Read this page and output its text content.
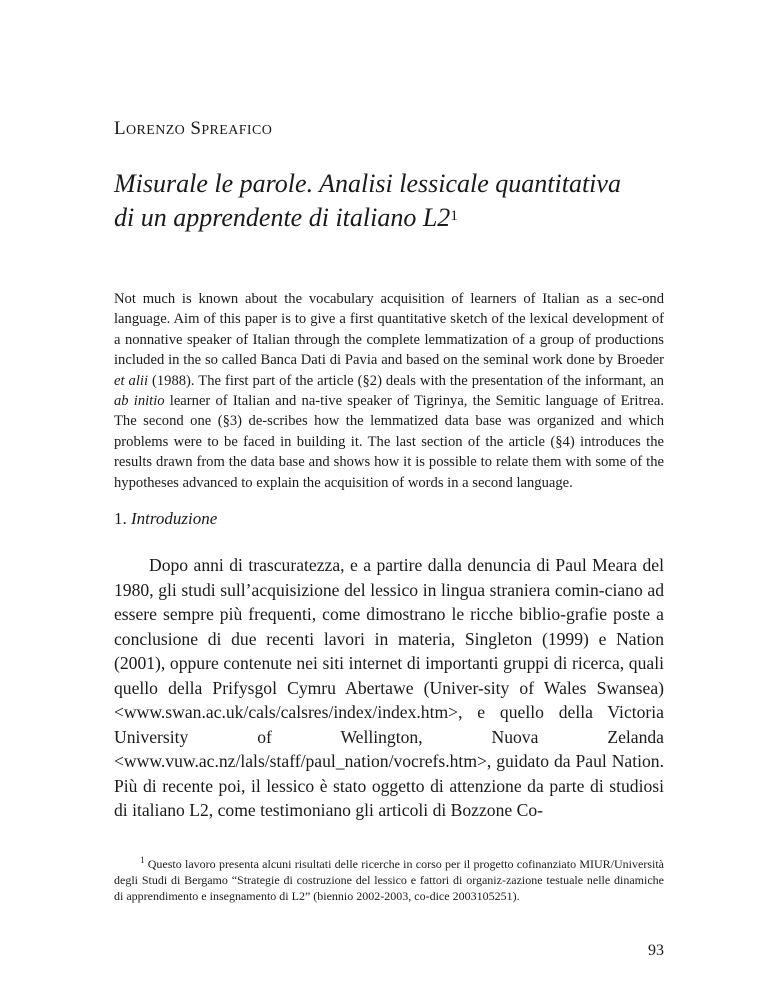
LORENZO SPREAFICO
Misurale le parole. Analisi lessicale quantitativa
di un apprendente di italiano $L2^1$
Not much is known about the vocabulary acquisition of learners of Italian as a sec-ond language. Aim of this paper is to give a first quantitative sketch of the lexical development of a nonnative speaker of Italian through the complete lemmatization of a group of productions included in the so called Banca Dati di Pavia and based on the seminal work done by Broeder et alii (1988). The first part of the article (§2) deals with the presentation of the informant, an ab initio learner of Italian and na-tive speaker of Tigrinya, the Semitic language of Eritrea. The second one (§3) de-scribes how the lemmatized data base was organized and which problems were to be faced in building it. The last section of the article (§4) introduces the results drawn from the data base and shows how it is possible to relate them with some of the hypotheses advanced to explain the acquisition of words in a second language.
1. Introduzione

Dopo anni di trascuratezza, e a partire dalla denuncia di Paul Meara del 1980, gli studi sull’acquisizione del lessico in lingua straniera comin-ciano ad essere sempre più frequenti, come dimostrano le ricche biblio-grafie poste a conclusione di due recenti lavori in materia, Singleton (1999) e Nation (2001), oppure contenute nei siti internet di importanti gruppi di ricerca, quali quello della Prifysgol Cymru Abertawe (Univer-sity of Wales Swansea) <www.swan.ac.uk/cals/calsres/index/index.htm>, e quello della Victoria University of Wellington, Nuova Zelanda <www.vuw.ac.nz/lals/staff/paul_nation/vocrefs.htm>, guidato da Paul Nation. Più di recente poi, il lessico è stato oggetto di attenzione da parte di studiosi di italiano L2, come testimoniano gli articoli di Bozzone Co-

$^1$ Questo lavoro presenta alcuni risultati delle ricerche in corso per il progetto cofinanziato MIUR/Università degli Studi di Bergamo “Strategie di costruzione del lessico e fattori di organiz-zazione testuale nelle dinamiche di apprendimento e insegnamento di L2” (biennio 2002-2003, co-dice 2003105251).

93
